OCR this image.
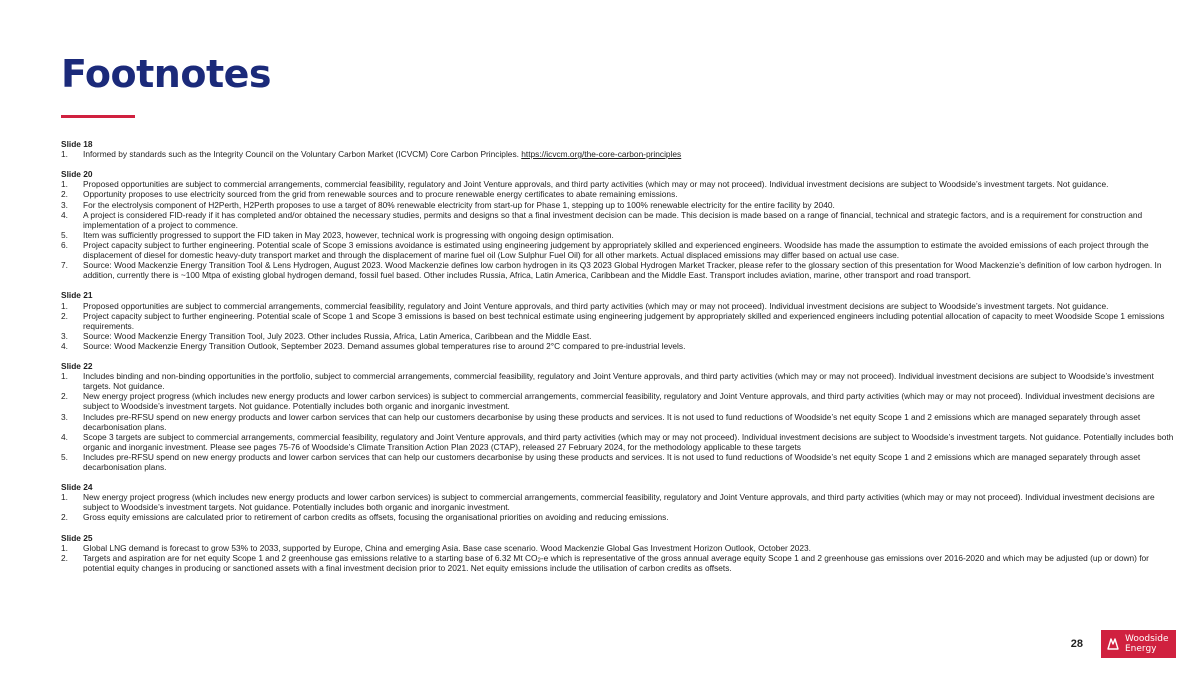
Footnotes
Slide 18
1. Informed by standards such as the Integrity Council on the Voluntary Carbon Market (ICVCM) Core Carbon Principles. https://icvcm.org/the-core-carbon-principles
Slide 20
1. Proposed opportunities are subject to commercial arrangements, commercial feasibility, regulatory and Joint Venture approvals, and third party activities (which may or may not proceed). Individual investment decisions are subject to Woodside’s investment targets. Not guidance.
2. Opportunity proposes to use electricity sourced from the grid from renewable sources and to procure renewable energy certificates to abate remaining emissions.
3. For the electrolysis component of H2Perth, H2Perth proposes to use a target of 80% renewable electricity from start-up for Phase 1, stepping up to 100% renewable electricity for the entire facility by 2040.
4. A project is considered FID-ready if it has completed and/or obtained the necessary studies, permits and designs so that a final investment decision can be made. This decision is made based on a range of financial, technical and strategic factors, and is a requirement for construction and implementation of a project to commence.
5. Item was sufficiently progressed to support the FID taken in May 2023, however, technical work is progressing with ongoing design optimisation.
6. Project capacity subject to further engineering. Potential scale of Scope 3 emissions avoidance is estimated using engineering judgement by appropriately skilled and experienced engineers. Woodside has made the assumption to estimate the avoided emissions of each project through the displacement of diesel for domestic heavy-duty transport market and through the displacement of marine fuel oil (Low Sulphur Fuel Oil) for all other markets. Actual displaced emissions may differ based on actual use case.
7. Source: Wood Mackenzie Energy Transition Tool & Lens Hydrogen, August 2023. Wood Mackenzie defines low carbon hydrogen in its Q3 2023 Global Hydrogen Market Tracker, please refer to the glossary section of this presentation for Wood Mackenzie’s definition of low carbon hydrogen. In addition, currently there is ~100 Mtpa of existing global hydrogen demand, fossil fuel based. Other includes Russia, Africa, Latin America, Caribbean and the Middle East. Transport includes aviation, marine, other transport and road transport.
Slide 21
1. Proposed opportunities are subject to commercial arrangements, commercial feasibility, regulatory and Joint Venture approvals, and third party activities (which may or may not proceed). Individual investment decisions are subject to Woodside’s investment targets. Not guidance.
2. Project capacity subject to further engineering. Potential scale of Scope 1 and Scope 3 emissions is based on best technical estimate using engineering judgement by appropriately skilled and experienced engineers including potential allocation of capacity to meet Woodside Scope 1 emissions requirements.
3. Source: Wood Mackenzie Energy Transition Tool, July 2023. Other includes Russia, Africa, Latin America, Caribbean and the Middle East.
4. Source: Wood Mackenzie Energy Transition Outlook, September 2023. Demand assumes global temperatures rise to around 2°C compared to pre-industrial levels.
Slide 22
1. Includes binding and non-binding opportunities in the portfolio, subject to commercial arrangements, commercial feasibility, regulatory and Joint Venture approvals, and third party activities (which may or may not proceed). Individual investment decisions are subject to Woodside’s investment targets. Not guidance.
2. New energy project progress (which includes new energy products and lower carbon services) is subject to commercial arrangements, commercial feasibility, regulatory and Joint Venture approvals, and third party activities (which may or may not proceed). Individual investment decisions are subject to Woodside’s investment targets. Not guidance. Potentially includes both organic and inorganic investment.
3. Includes pre-RFSU spend on new energy products and lower carbon services that can help our customers decarbonise by using these products and services. It is not used to fund reductions of Woodside’s net equity Scope 1 and 2 emissions which are managed separately through asset decarbonisation plans.
4. Scope 3 targets are subject to commercial arrangements, commercial feasibility, regulatory and Joint Venture approvals, and third party activities (which may or may not proceed). Individual investment decisions are subject to Woodside’s investment targets. Not guidance. Potentially includes both organic and inorganic investment. Please see pages 75-76 of Woodside’s Climate Transition Action Plan 2023 (CTAP), released 27 February 2024, for the methodology applicable to these targets
5. Includes pre-RFSU spend on new energy products and lower carbon services that can help our customers decarbonise by using these products and services. It is not used to fund reductions of Woodside’s net equity Scope 1 and 2 emissions which are managed separately through asset decarbonisation plans.
Slide 24
1. New energy project progress (which includes new energy products and lower carbon services) is subject to commercial arrangements, commercial feasibility, regulatory and Joint Venture approvals, and third party activities (which may or may not proceed). Individual investment decisions are subject to Woodside’s investment targets. Not guidance. Potentially includes both organic and inorganic investment.
2. Gross equity emissions are calculated prior to retirement of carbon credits as offsets, focusing the organisational priorities on avoiding and reducing emissions.
Slide 25
1. Global LNG demand is forecast to grow 53% to 2033, supported by Europe, China and emerging Asia. Base case scenario. Wood Mackenzie Global Gas Investment Horizon Outlook, October 2023.
2. Targets and aspiration are for net equity Scope 1 and 2 greenhouse gas emissions relative to a starting base of 6.32 Mt $CO_2-e$ which is representative of the gross annual average equity Scope 1 and 2 greenhouse gas emissions over 2016-2020 and which may be adjusted (up or down) for potential equity changes in producing or sanctioned assets with a final investment decision prior to 2021. Net equity emissions include the utilisation of carbon credits as offsets.
28	Woodside
Energy
